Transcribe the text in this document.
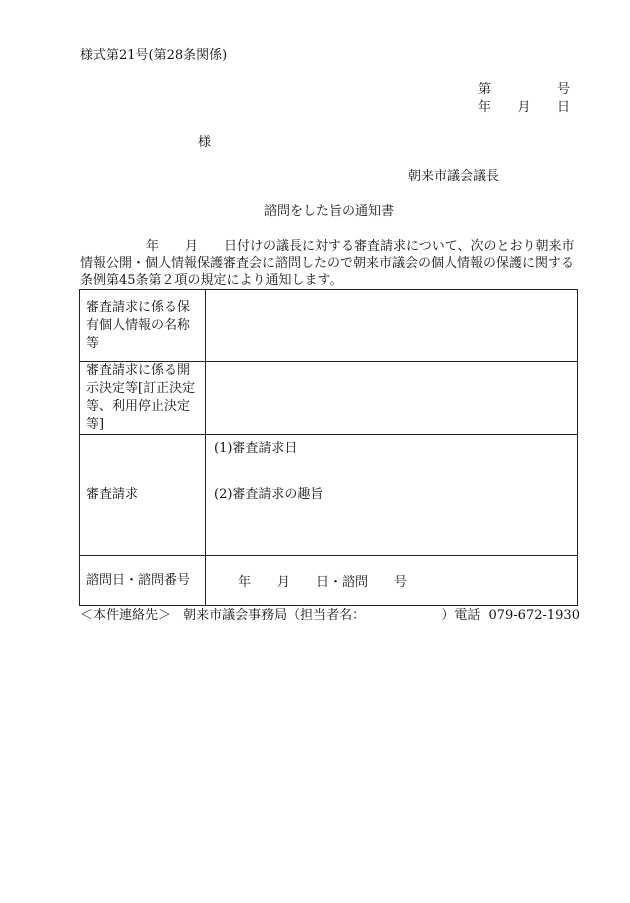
様式第21号(第28条関係)
第	号
年 月 日
様
朝来市議会議長
諮問をした旨の通知書
年　　月　　日付けの議長に対する審査請求について、次のとおり朝来市
情報公開・個人情報保護審査会に諮問したので朝来市議会の個人情報の保護に関する
条例第45条第２項の規定により通知します。
審査請求に係る保
有個人情報の名称
等	

審査請求に係る開
示決定等[訂正決定
等、利用停止決定
等]	

審査請求	(1)審査請求日
(2)審査請求の趣旨

諮問日・諮問番号	年　　月　　日・諮問　　号
＜本件連絡先＞ 朝来市議会事務局（担当者名：	）電話 079-672-1930
